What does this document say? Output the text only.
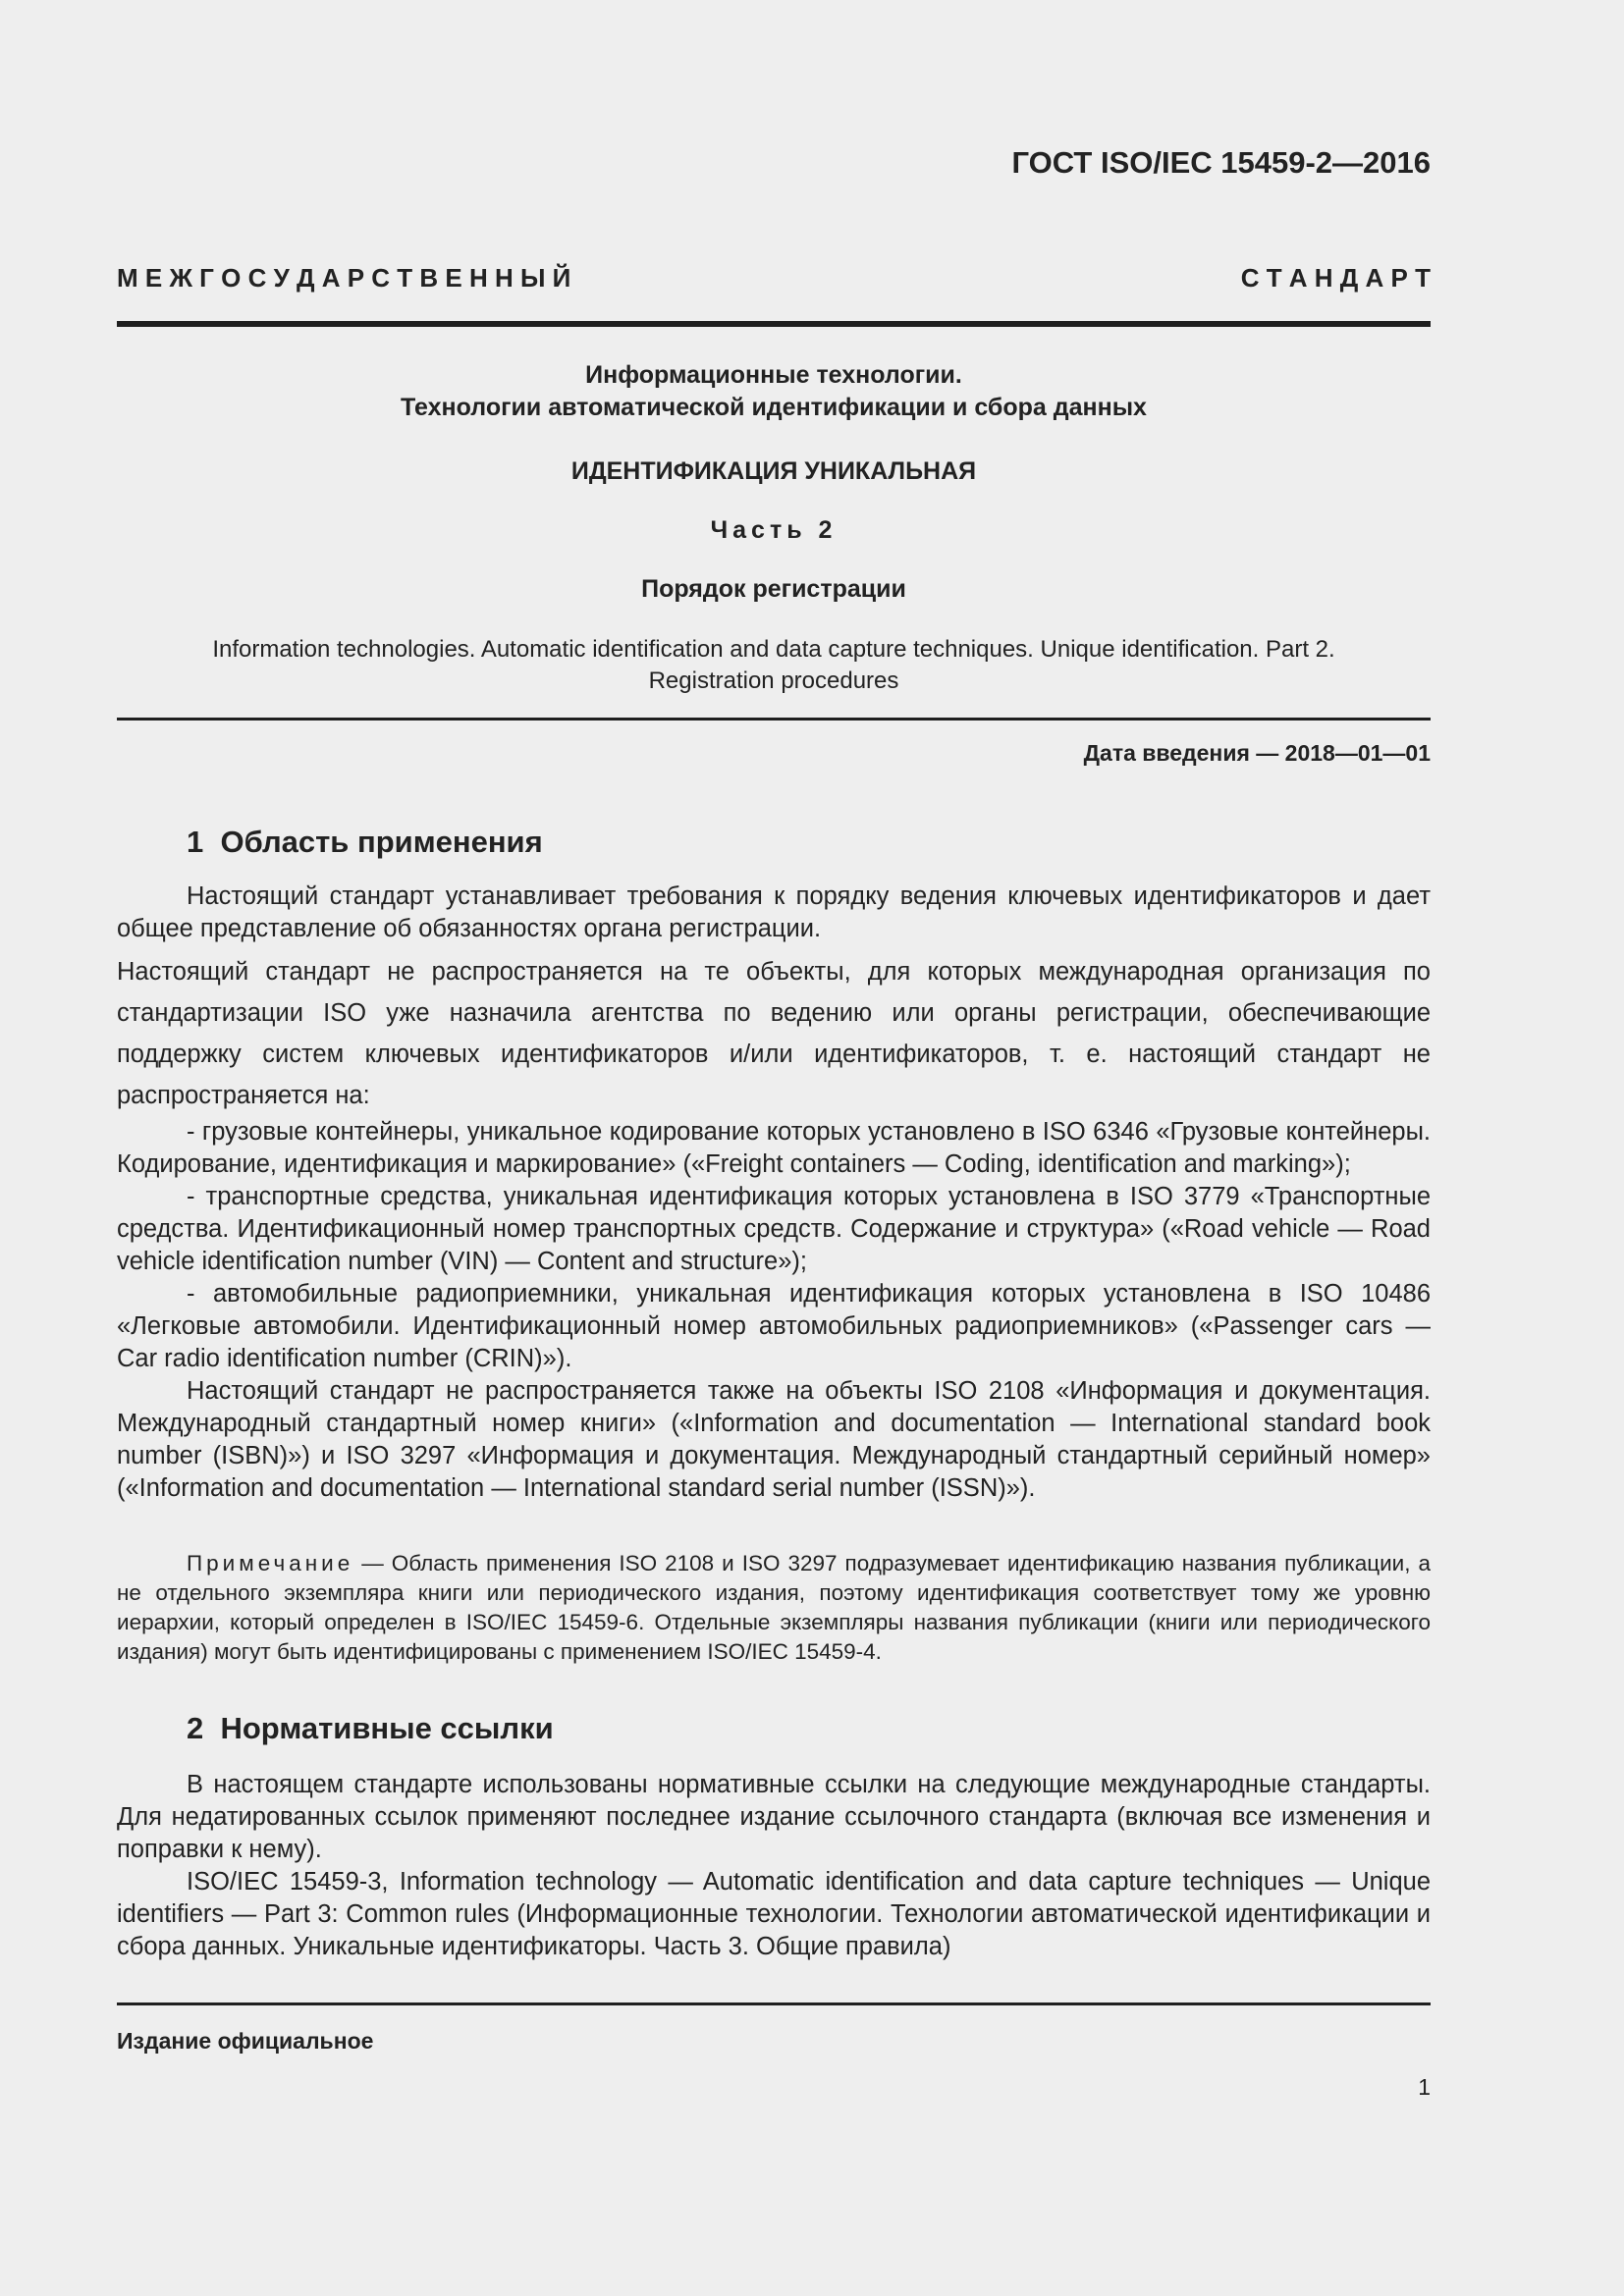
ГОСТ ISO/IEC 15459-2—2016
М Е Ж Г О С У Д А Р С Т В Е Н Н Ы Й	С Т А Н Д А Р Т
Информационные технологии.
Технологии автоматической идентификации и сбора данных
ИДЕНТИФИКАЦИЯ УНИКАЛЬНАЯ
Часть 2
Порядок регистрации
Information technologies. Automatic identification and data capture techniques. Unique identification. Part 2.
Registration procedures
Дата введения — 2018—01—01
1  Область применения

Настоящий стандарт устанавливает требования к порядку ведения ключевых идентификаторов и дает общее представление об обязанностях органа регистрации.

Настоящий стандарт не распространяется на те объекты, для которых международная организация по стандартизации ISO уже назначила агентства по ведению или органы регистрации, обеспечивающие поддержку систем ключевых идентификаторов и/или идентификаторов, т. е. настоящий стандарт не распространяется на:

- грузовые контейнеры, уникальное кодирование которых установлено в ISO 6346 «Грузовые контейнеры. Кодирование, идентификация и маркирование» («Freight containers — Coding, identification and marking»);

- транспортные средства, уникальная идентификация которых установлена в ISO 3779 «Транспортные средства. Идентификационный номер транспортных средств. Содержание и структура» («Road vehicle — Road vehicle identification number (VIN) — Content and structure»);

- автомобильные радиоприемники, уникальная идентификация которых установлена в ISO 10486 «Легковые автомобили. Идентификационный номер автомобильных радиоприемников» («Passenger cars — Car radio identification number (CRIN)»).

Настоящий стандарт не распространяется также на объекты ISO 2108 «Информация и документация. Международный стандартный номер книги» («Information and documentation — International standard book number (ISBN)») и ISO 3297 «Информация и документация. Международный стандартный серийный номер» («Information and documentation — International standard serial number (ISSN)»).

Примечание — Область применения ISO 2108 и ISO 3297 подразумевает идентификацию названия публикации, а не отдельного экземпляра книги или периодического издания, поэтому идентификация соответствует тому же уровню иерархии, который определен в ISO/IEC 15459-6. Отдельные экземпляры названия публикации (книги или периодического издания) могут быть идентифицированы с применением ISO/IEC 15459-4.
2  Нормативные ссылки

В настоящем стандарте использованы нормативные ссылки на следующие международные стандарты. Для недатированных ссылок применяют последнее издание ссылочного стандарта (включая все изменения и поправки к нему).

ISO/IEC 15459-3, Information technology — Automatic identification and data capture techniques — Unique identifiers — Part 3: Common rules (Информационные технологии. Технологии автоматической идентификации и сбора данных. Уникальные идентификаторы. Часть 3. Общие правила)

Издание официальное
1
